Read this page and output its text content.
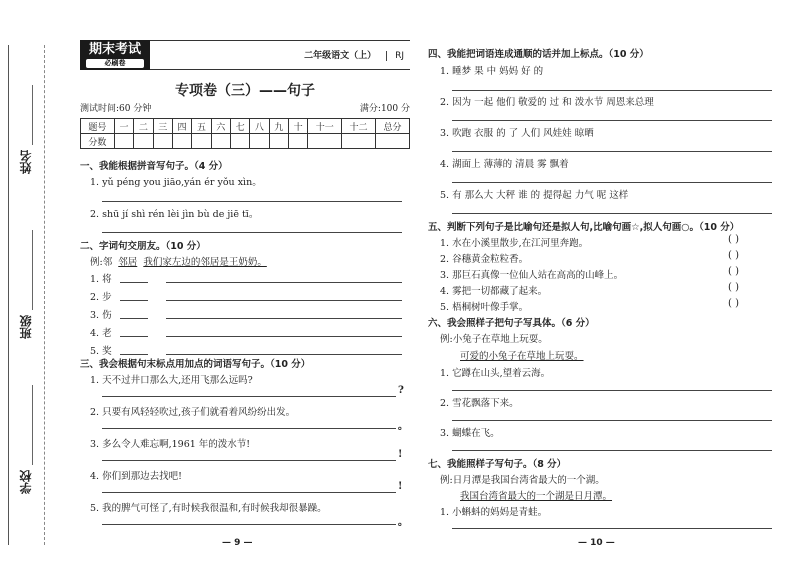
姓名
班级
学校
期末考试
必刷卷
二年级语文（上） RJ
专项卷（三）——句子
测试时间:60 分钟	满分:100 分
题号	一	二	三	四	五	六	七	八	九	十	十一	十二	总分
分数													
一、我能根据拼音写句子。（4 分）
1. yǔ péng you jiāo,yán ér yǒu xìn。
2. shū jí shì rén lèi jìn bù de jiē tī。
二、字词句交朋友。（10 分）
例:邻 邻居 我们家左边的邻居是王奶奶。
1. 将
2. 步
3. 伤
4. 老
5. 奖
三、我会根据句末标点用加点的词语写句子。（10 分）
1. 天不过井口那么大,还用飞那么远吗?
?
2. 只要有风轻轻吹过,孩子们就看着风纷纷出发。
。
3. 多么令人难忘啊,1961 年的泼水节!
!
4. 你们到那边去找吧!
!
5. 我的脾气可怪了,有时候我很温和,有时候我却很暴躁。
。
— 9 —
四、我能把词语连成通顺的话并加上标点。（10 分）
1. 睡梦 果 中 妈妈 好 的
2. 因为 一起 他们 敬爱的 过 和 泼水节 周恩来总理
3. 吹跑 衣服 的 了 人们 风娃娃 晾晒
4. 湖面上 薄薄的 清晨 雾 飘着
5. 有 那么大 大秤 谁 的 提得起 力气 呢 这样
五、判断下列句子是比喻句还是拟人句,比喻句画☆,拟人句画○。（10 分）
1. 水在小溪里散步,在江河里奔跑。	( )
2. 谷穗黄金粒粒香。	( )
3. 那巨石真像一位仙人站在高高的山峰上。	( )
4. 雾把一切都藏了起来。	( )
5. 梧桐树叶像手掌。	( )
六、我会照样子把句子写具体。（6 分）
例:小兔子在草地上玩耍。
可爱的小兔子在草地上玩耍。
1. 它蹲在山头,望着云海。
2. 雪花飘落下来。
3. 蝴蝶在飞。
七、我能照样子写句子。（8 分）
例:日月潭是我国台湾省最大的一个湖。
我国台湾省最大的一个湖是日月潭。
1. 小蝌蚪的妈妈是青蛙。
— 10 —
